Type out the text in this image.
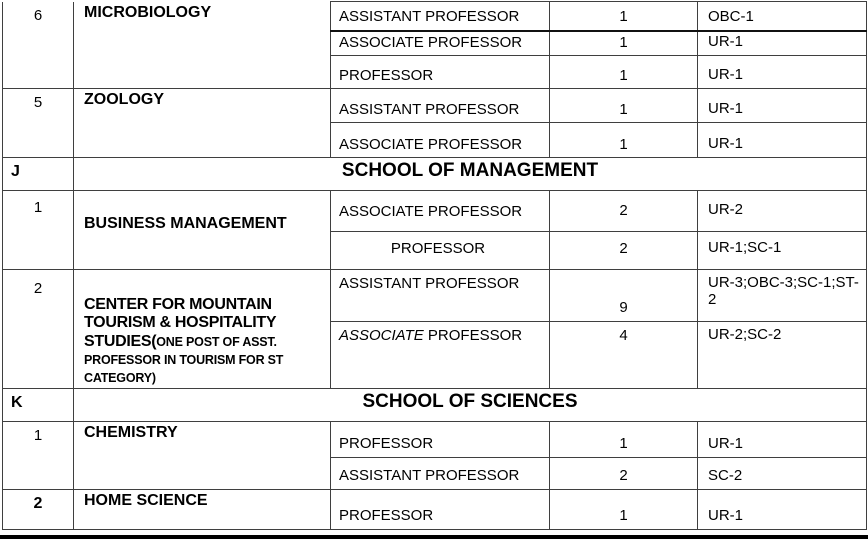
6	MICROBIOLOGY	ASSISTANT PROFESSOR	1	OBC-1
		ASSOCIATE PROFESSOR	1	UR-1
		PROFESSOR	1	UR-1
5	ZOOLOGY	ASSISTANT PROFESSOR	1	UR-1
		ASSOCIATE PROFESSOR	1	UR-1
J	SCHOOL OF MANAGEMENT			
1	BUSINESS MANAGEMENT	ASSOCIATE PROFESSOR	2	UR-2
		PROFESSOR	2	UR-1;SC-1
2	CENTER FOR MOUNTAIN TOURISM & HOSPITALITY STUDIES(ONE POST OF ASST. PROFESSOR IN TOURISM FOR ST CATEGORY)	ASSISTANT PROFESSOR	9	UR-3;OBC-3;SC-1;ST-2
		ASSOCIATE PROFESSOR	4	UR-2;SC-2
K	SCHOOL OF SCIENCES			
1	CHEMISTRY	PROFESSOR	1	UR-1
		ASSISTANT PROFESSOR	2	SC-2
2	HOME SCIENCE	PROFESSOR	1	UR-1
